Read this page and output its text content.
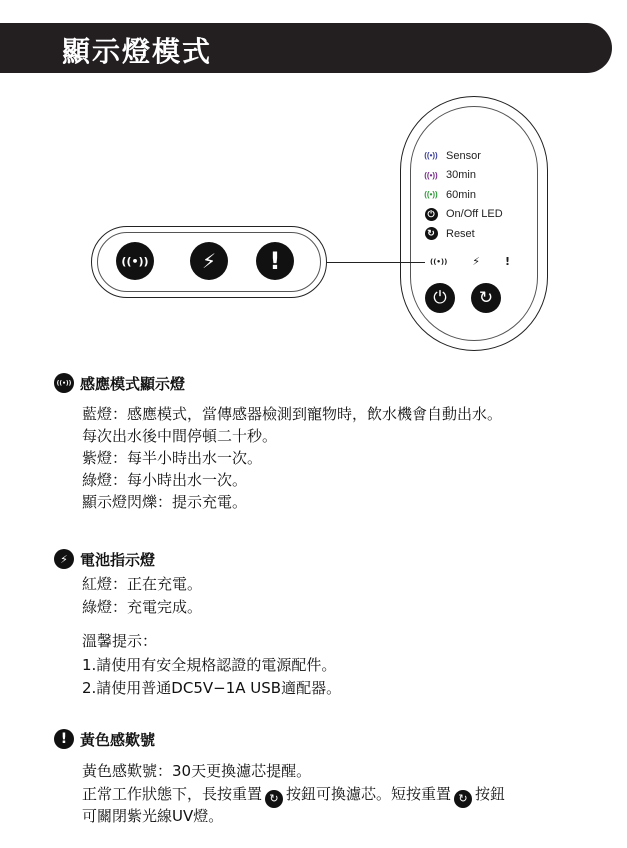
顯示燈模式
((•)) Sensor
((•)) 30min
((•)) 60min
⏻	On/Off LED
↻	Reset
((•)) ⚡ !
⏻	↻
((•))	⚡	!
((•)) 感應模式顯示燈
藍燈：感應模式，當傳感器檢測到寵物時，飲水機會自動出水。
每次出水後中間停頓二十秒。
紫燈：每半小時出水一次。
綠燈：每小時出水一次。
顯示燈閃爍：提示充電。
⚡ 電池指示燈
紅燈：正在充電。
綠燈：充電完成。
溫馨提示：
1.請使用有安全規格認證的電源配件。
2.請使用普通DC5V−1A USB適配器。
! 黃色感歎號
黃色感歎號：30天更換濾芯提醒。
正常工作狀態下，長按重置 ↻ 按鈕可換濾芯。短按重置 ↻ 按鈕
可關閉紫光線UV燈。
